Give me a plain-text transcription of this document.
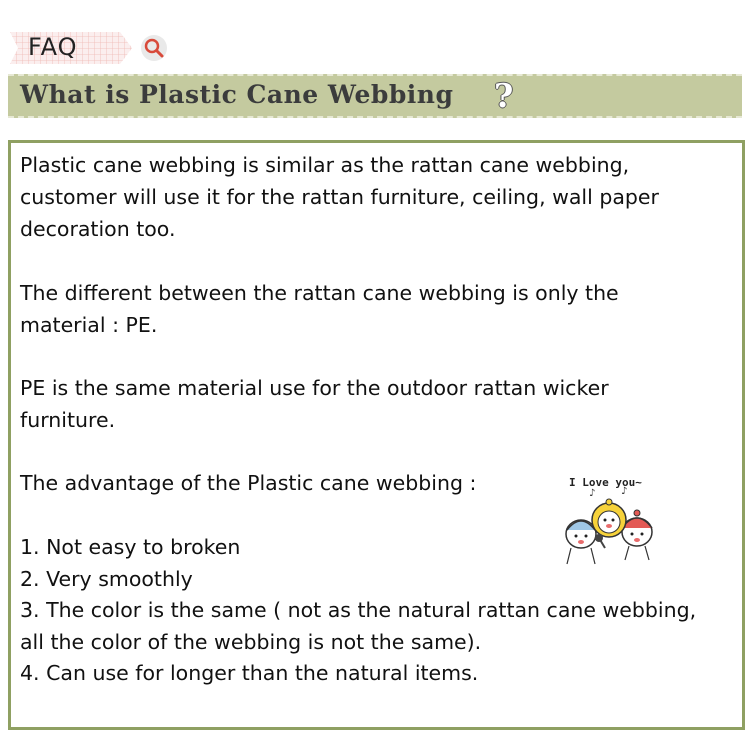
FAQ
What is Plastic Cane Webbing ?
Plastic cane webbing is similar as the rattan cane webbing,
customer will use it for the rattan furniture, ceiling, wall paper
decoration too.
The different between the rattan cane webbing is only the
material : PE.
PE is the same material use for the outdoor rattan wicker
furniture.
The advantage of the Plastic cane webbing :
1. Not easy to broken
2. Very smoothly
3. The color is the same ( not as the natural rattan cane webbing,
all the color of the webbing is not the same).
4. Can use for longer than the natural items.
I Love you~
♪	♪
